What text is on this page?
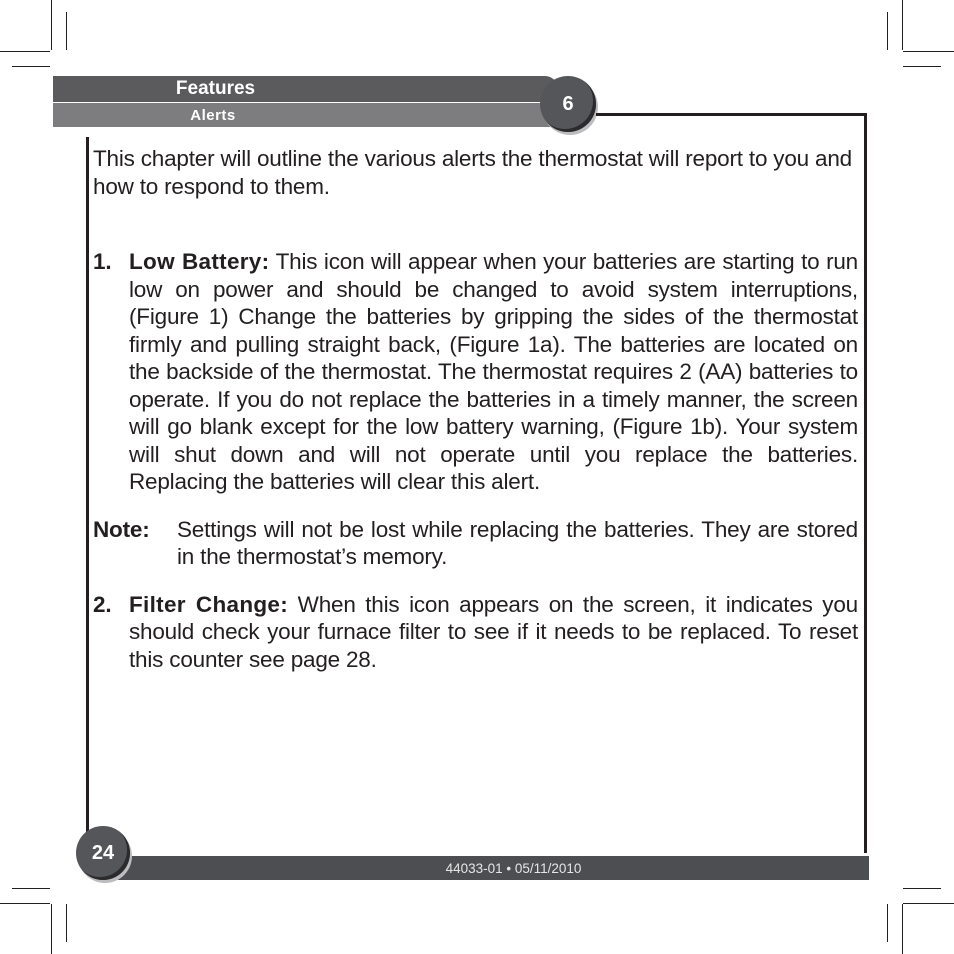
Features
Alerts
6

This chapter will outline the various alerts the thermostat will report to you and how to respond to them.

1. Low Battery: This icon will appear when your batteries are starting to run low on power and should be changed to avoid system interruptions, (Figure 1) Change the batteries by gripping the sides of the thermostat firmly and pulling straight back, (Figure 1a). The batteries are located on the backside of the thermostat. The thermostat requires 2 (AA) batteries to operate. If you do not replace the batteries in a timely manner, the screen will go blank except for the low battery warning, (Figure 1b). Your system will shut down and will not operate until you replace the batteries. Replacing the batteries will clear this alert.

Note: Settings will not be lost while replacing the batteries. They are stored in the thermostat’s memory.

2. Filter Change: When this icon appears on the screen, it indicates you should check your furnace filter to see if it needs to be replaced. To reset this counter see page 28.

44033-01 • 05/11/2010
24
